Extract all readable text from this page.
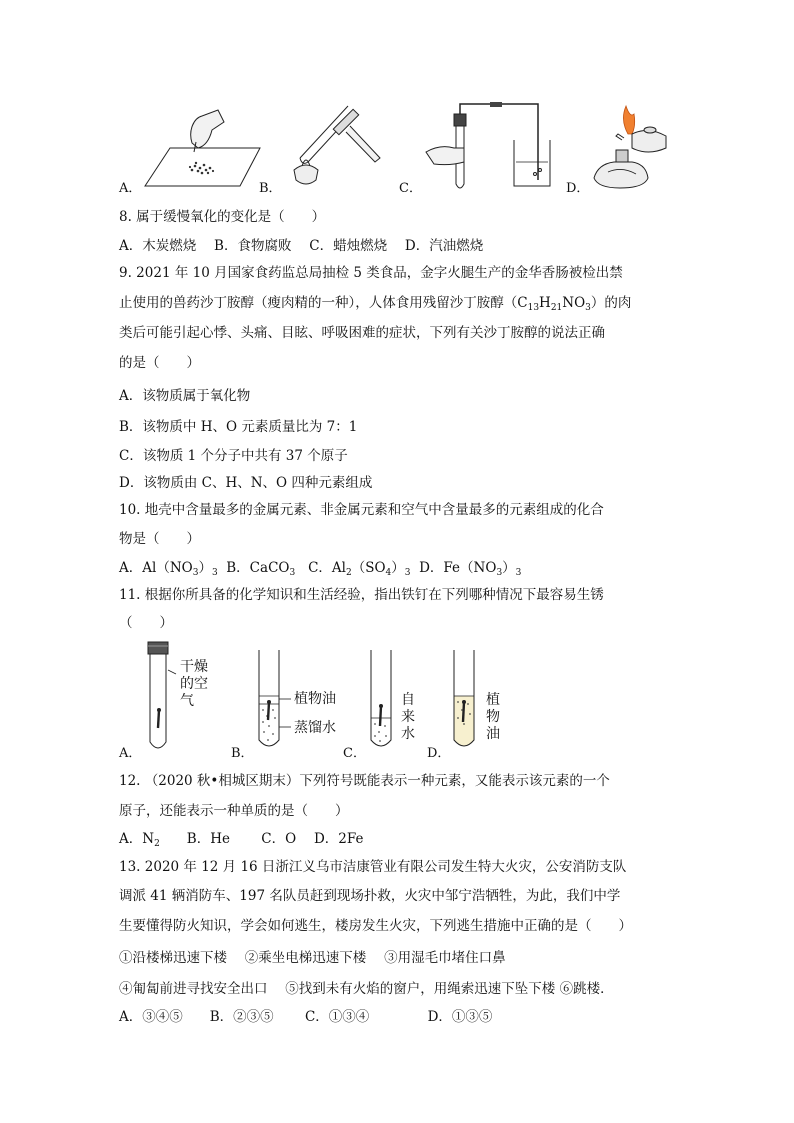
A．	B．	C．	D．
8. 属于缓慢氧化的变化是（　　）
A．木炭燃烧　 B．食物腐败　 C．蜡烛燃烧　 D．汽油燃烧
9. 2021 年 10 月国家食药监总局抽检 5 类食品，金字火腿生产的金华香肠被检出禁
止使用的兽药沙丁胺醇（瘦肉精的一种），人体食用残留沙丁胺醇$(C_{13}H_{21}NO_3)$的肉
类后可能引起心悸、头痛、目眩、呼吸困难的症状，下列有关沙丁胺醇的说法正确
的是（　　）
A．该物质属于氧化物
B．该物质中 H、O 元素质量比为 7：1
C．该物质 1 个分子中共有 37 个原子
D．该物质由 C、H、N、O 四种元素组成
10. 地壳中含量最多的金属元素、非金属元素和空气中含量最多的元素组成的化合
物是（　　）
A．$Al(NO_3)_3$ B．CaCO$_3$ C．$Al_2(SO_4)_3$ D．$Fe(NO_3)_3$
11. 根据你所具备的化学知识和生活经验，指出铁钉在下列哪种情况下最容易生锈
（　　）
A．
干燥
的空
气
B．
植物油
蒸馏水
C．
自
来
水
D．
植
物
油
12. （2020 秋•相城区期末）下列符号既能表示一种元素，又能表示该元素的一个
原子，还能表示一种单质的是（　　）
A．$N_2$　　B．He　　 C．O　 D．2Fe
13. 2020 年 12 月 16 日浙江义乌市洁康管业有限公司发生特大火灾，公安消防支队
调派 41 辆消防车、197 名队员赶到现场扑救，火灾中邹宁浩牺牲，为此，我们中学
生要懂得防火知识，学会如何逃生，楼房发生火灾，下列逃生措施中正确的是（　　）
①沿楼梯迅速下楼　 ②乘坐电梯迅速下楼　 ③用湿毛巾堵住口鼻
④匍匐前进寻找安全出口　 ⑤找到未有火焰的窗户，用绳索迅速下坠下楼 ⑥跳楼．
A．③④⑤　　B．②③⑤　　 C．①③④　　　　 D．①③⑤
